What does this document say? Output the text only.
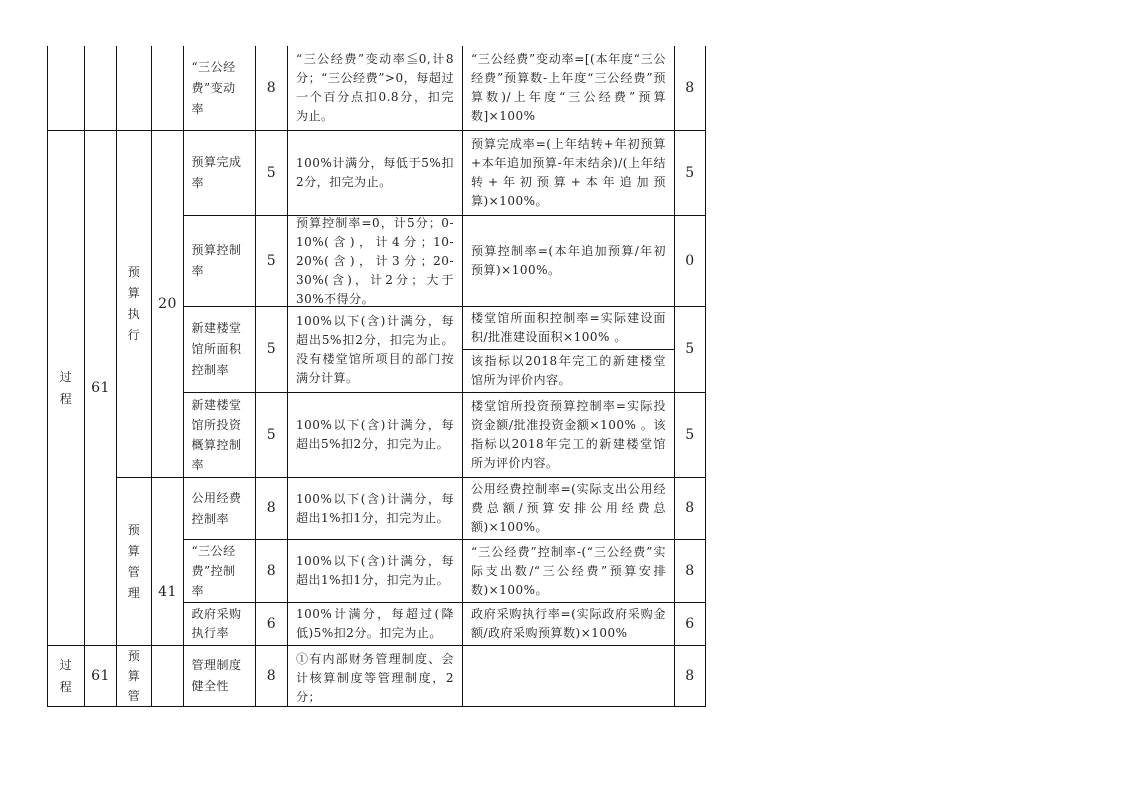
“三公经费”变动率
8
“三公经费”变动率≦0,计8分；“三公经费”>0，每超过一个百分点扣0.8分，扣完为止。
“三公经费”变动率=[(本年度“三公经费”预算数-上年度“三公经费”预算数)/上年度“三公经费”预算数]×100%
8
过程
61
预算执行
20
预算管理	41
预算完成率
5
100%计满分，每低于5%扣2分，扣完为止。
预算完成率=(上年结转+年初预算+本年追加预算-年末结余)/(上年结转+年初预算+本年追加预算)×100%。
5
预算控制率
5
预算控制率=0，计5分；0-10%(含)，计4分；10-20%(含)，计3分；20-30%(含)，计2分；大于30%不得分。
预算控制率=(本年追加预算/年初预算)×100%。
0
新建楼堂馆所面积控制率
5
100%以下(含)计满分，每超出5%扣2分，扣完为止。没有楼堂馆所项目的部门按满分计算。
楼堂馆所面积控制率=实际建设面积/批准建设面积×100% 。
该指标以2018年完工的新建楼堂馆所为评价内容。
5
新建楼堂馆所投资概算控制率
5
100%以下(含)计满分，每超出5%扣2分，扣完为止。
楼堂馆所投资预算控制率=实际投资金额/批准投资金额×100% 。该指标以2018年完工的新建楼堂馆所为评价内容。
5
公用经费控制率
8
100%以下(含)计满分，每超出1%扣1分，扣完为止。
公用经费控制率=(实际支出公用经费总额/预算安排公用经费总额)×100%。
8
“三公经费”控制率
8
100%以下(含)计满分，每超出1%扣1分，扣完为止。
“三公经费”控制率-(“三公经费”实际支出数/“三公经费”预算安排数)×100%。
8
政府采购执行率
6
100%计满分，每超过(降低)5%扣2分。扣完为止。
政府采购执行率=(实际政府采购金额/政府采购预算数)×100%
6
过程
61
预算管
管理制度健全性
8
①有内部财务管理制度、会计核算制度等管理制度，2分；
8
